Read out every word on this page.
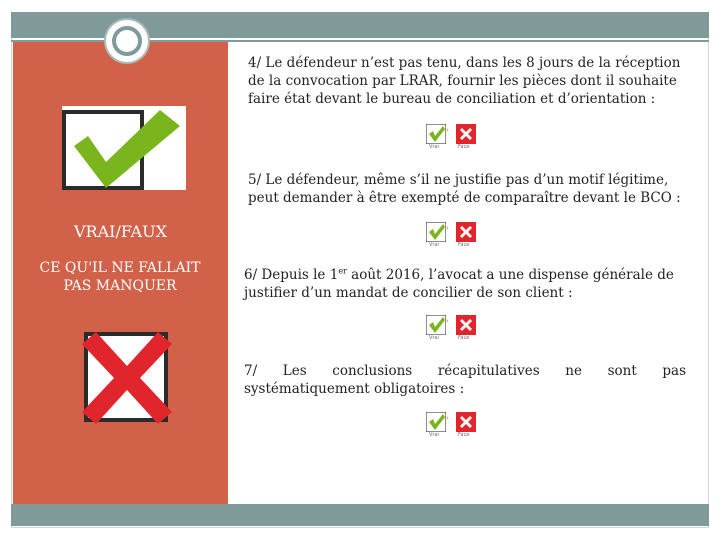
VRAI/FAUX
CE QU'IL NE FALLAIT
PAS MANQUER

4/ Le défendeur n’est pas tenu, dans les 8 jours de la réception

de la convocation par LRAR, fournir les pièces dont il souhaite

faire état devant le bureau de conciliation et d’orientation :

›
Vrai	Faux

5/ Le défendeur, même s’il ne justifie pas d’un motif légitime,

peut demander à être exempté de comparaître devant le BCO :

›
Vrai	Faux

6/ Depuis le 1er août 2016, l’avocat a une dispense générale de

justifier d’un mandat de concilier de son client :

›
Vrai	Faux

7/ Les conclusions récapitulatives ne sont pas

systématiquement obligatoires :

›
Vrai	Faux
